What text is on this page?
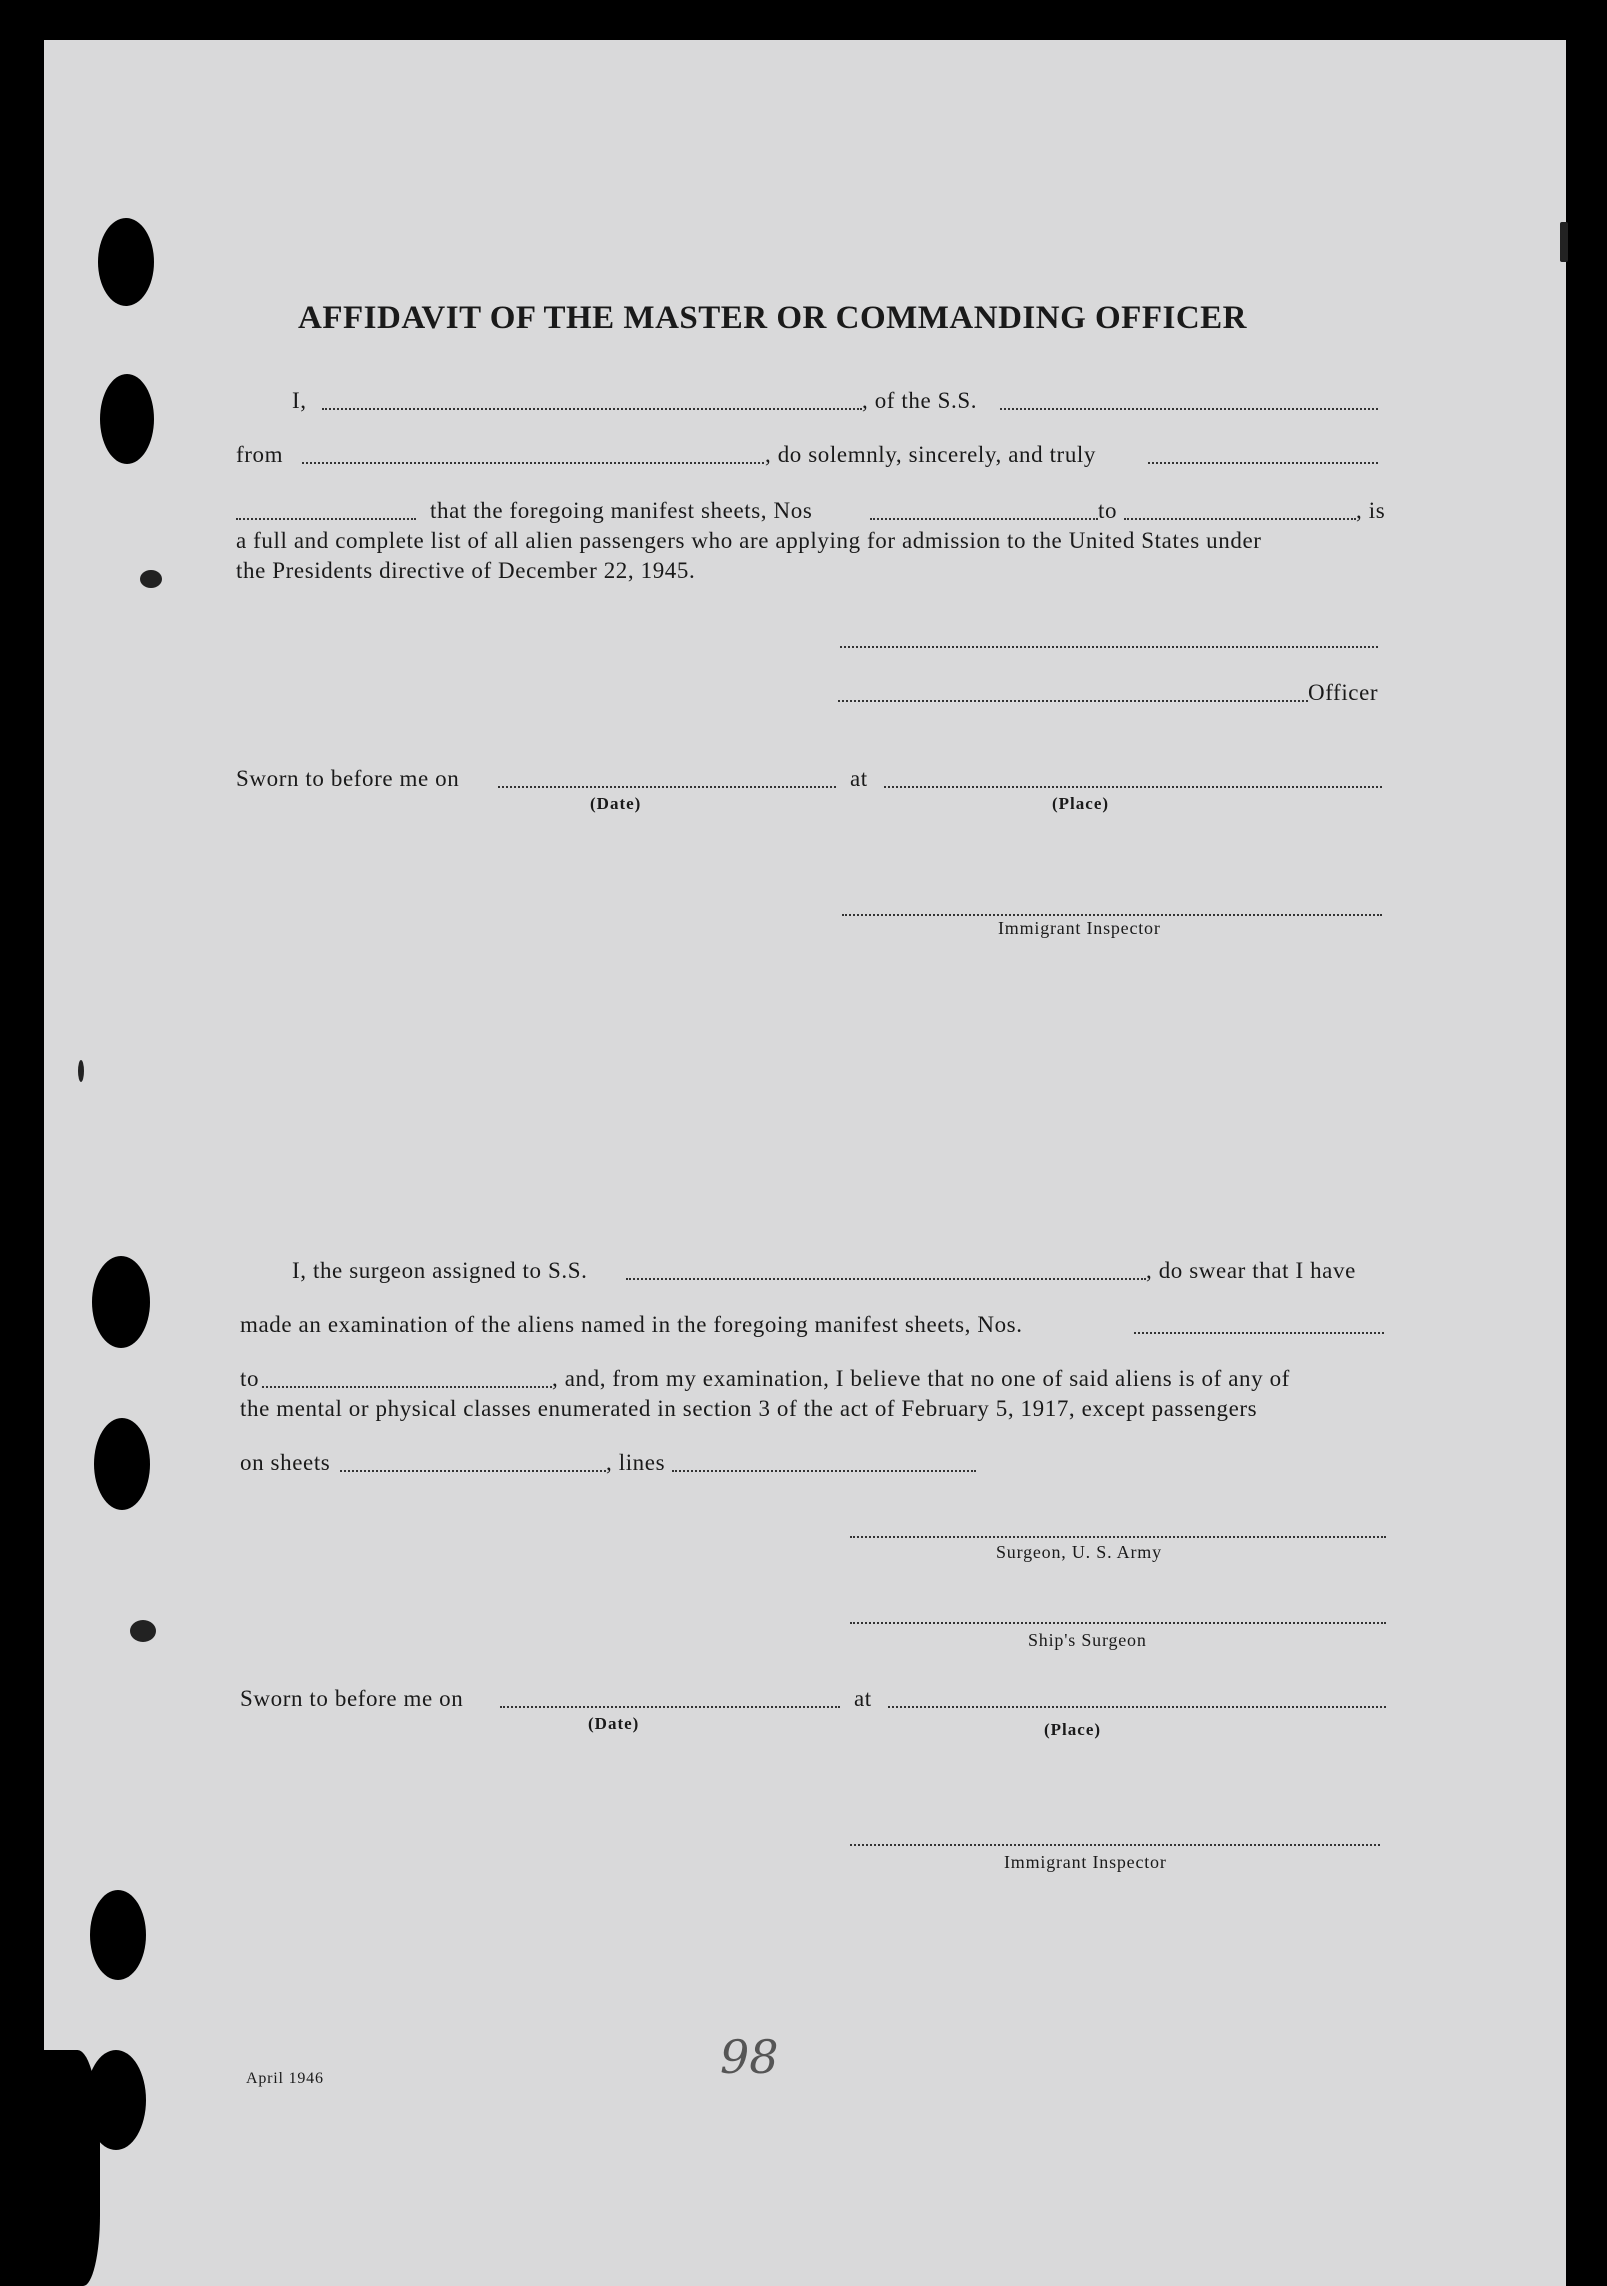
AFFIDAVIT OF THE MASTER OR COMMANDING OFFICER
I,	, of the S.S.
from	, do solemnly, sincerely, and truly
that the foregoing manifest sheets, Nos	to	, is
a full and complete list of all alien passengers who are applying for admission to the United States under
the Presidents directive of December 22, 1945.
Officer
Sworn to before me on	at
(Date)	(Place)
Immigrant Inspector
I, the surgeon assigned to S.S.	, do swear that I have
made an examination of the aliens named in the foregoing manifest sheets, Nos.
to	, and, from my examination, I believe that no one of said aliens is of any of
the mental or physical classes enumerated in section 3 of the act of February 5, 1917, except passengers
on sheets	, lines
Surgeon, U. S. Army
Ship's Surgeon
Sworn to before me on	at
(Date)	(Place)
Immigrant Inspector
April 1946	98
